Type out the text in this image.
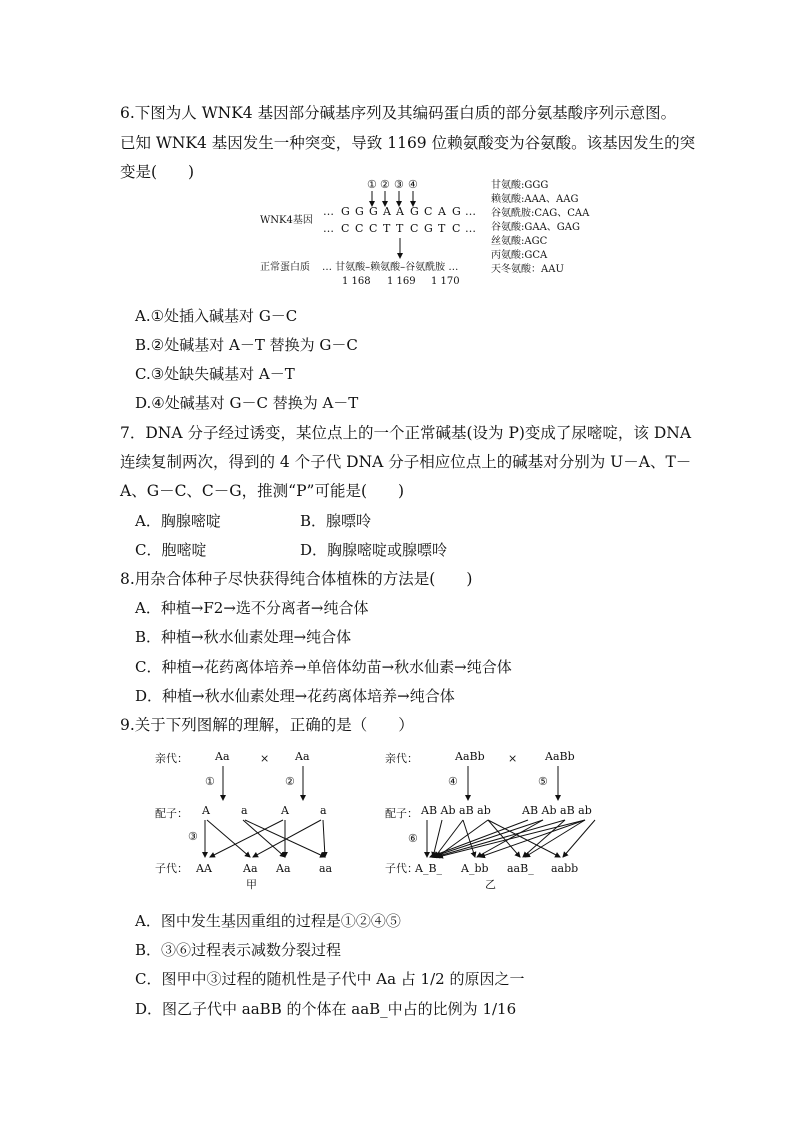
6.下图为人 WNK4 基因部分碱基序列及其编码蛋白质的部分氨基酸序列示意图。
已知 WNK4 基因发生一种突变，导致 1169 位赖氨酸变为谷氨酸。该基因发生的突
变是(　　)
① ② ③ ④
WNK4基因
… G G G A A G C A G …
… C C C T T C G T C …
正常蛋白质 … 甘氨酸–赖氨酸–谷氨酰胺 …
1 168 1 169 1 170
甘氨酸:GGG
赖氨酸:AAA、AAG
谷氨酰胺:CAG、CAA
谷氨酸:GAA、GAG
丝氨酸:AGC
丙氨酸:GCA
天冬氨酸：AAU
A.①处插入碱基对 G－C
B.②处碱基对 A－T 替换为 G－C
C.③处缺失碱基对 A－T
D.④处碱基对 G－C 替换为 A－T
7．DNA 分子经过诱变，某位点上的一个正常碱基(设为 P)变成了尿嘧啶，该 DNA
连续复制两次，得到的 4 个子代 DNA 分子相应位点上的碱基对分别为 U－A、T－
A、G－C、C－G，推测“P”可能是(　　)
A．胸腺嘧啶	B．腺嘌呤
C．胞嘧啶	D．胸腺嘧啶或腺嘌呤
8.用杂合体种子尽快获得纯合体植株的方法是(　　)
A．种植→F2→选不分离者→纯合体
B．种植→秋水仙素处理→纯合体
C．种植→花药离体培养→单倍体幼苗→秋水仙素→纯合体
D．种植→秋水仙素处理→花药离体培养→纯合体
9.关于下列图解的理解，正确的是（　　）
亲代： Aa	× Aa
①	②
配子： A	a	A	a
③
子代： AA	Aa Aa	aa
甲
亲代：	AaBb ×	AaBb
④	⑤
配子： AB Ab aB ab	AB Ab aB ab
⑥
子代：
A_B_ A_bb aaB_ aabb
乙
A．图中发生基因重组的过程是①②④⑤
B．③⑥过程表示减数分裂过程
C．图甲中③过程的随机性是子代中 Aa 占 1/2 的原因之一
D．图乙子代中 aaBB 的个体在 aaB_中占的比例为 1/16
